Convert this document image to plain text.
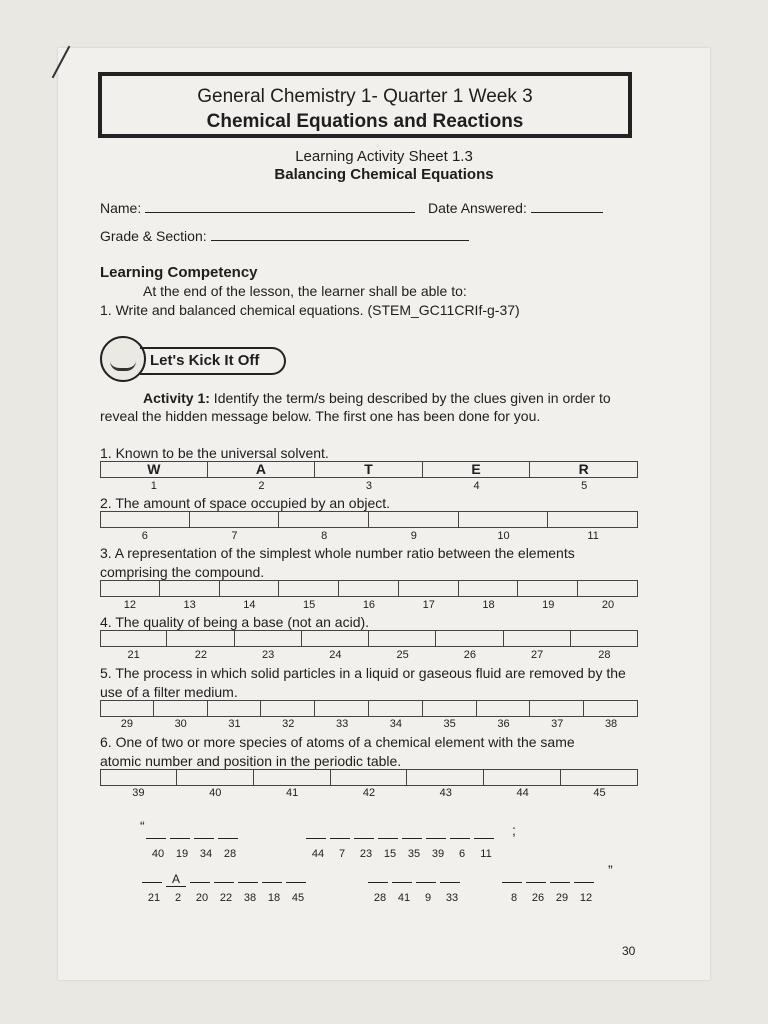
General Chemistry 1- Quarter 1 Week 3
Chemical Equations and Reactions
Learning Activity Sheet 1.3
Balancing Chemical Equations
Name:	Date Answered:
Grade & Section:
Learning Competency
At the end of the lesson, the learner shall be able to:
1. Write and balanced chemical equations. (STEM_GC11CRIf-g-37)
Let's Kick It Off
Activity 1: Identify the term/s being described by the clues given in order to
reveal the hidden message below. The first one has been done for you.
1. Known to be the universal solvent.
W	A	T	E	R
1	2	3	4	5
2. The amount of space occupied by an object.
6	7	8	9	10	11
3. A representation of the simplest whole number ratio between the elements
comprising the compound.
12	13	14	15	16	17	18	19	20
4. The quality of being a base (not an acid).
21	22	23	24	25	26	27	28
5. The process in which solid particles in a liquid or gaseous fluid are removed by the
use of a filter medium.
29	30	31	32	33	34	35	36	37	38
6. One of two or more species of atoms of a chemical element with the same
atomic number and position in the periodic table.
39	40	41	42	43	44	45
“
40 19 34 28	44 7 23 15 35 39 6 11
;
A
21 2 20 22 38 18 45	28 41 9 33	8 26 29 12
”
30
